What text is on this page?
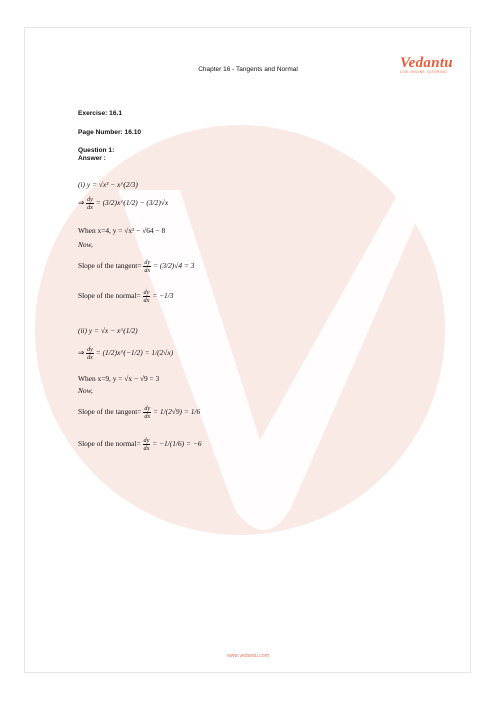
Chapter 16 - Tangents and Normal	Vedantu
LIVE ONLINE TUTORING
Exercise: 16.1
Page Number: 16.10
Question 1:
Answer :
(i) y = √x³ − x^(2/3)
⇒ $\frac{dy}{dx}$ = (3/2)x^(1/2) − (3/2)√x
When x=4, y = √x³ − √64 − 8
Now,
Slope of the tangent= $\frac{dy}{dx} = (3/2)√4 = 3$
Slope of the normal= $\frac{dy}{dx} = -1/3$
(ii) y = √x − x^(1/2)
⇒ $\frac{dy}{dx}$ = (1/2)x^(−1/2) = 1/(2√x)
When x=9, y = √x − √9 = 3
Now,
Slope of the tangent= $\frac{dy}{dx} = 1/(2√9) = 1/6$
Slope of the normal= $\frac{dy}{dx} = -1/(1/6) = -6$
www.vedantu.com
